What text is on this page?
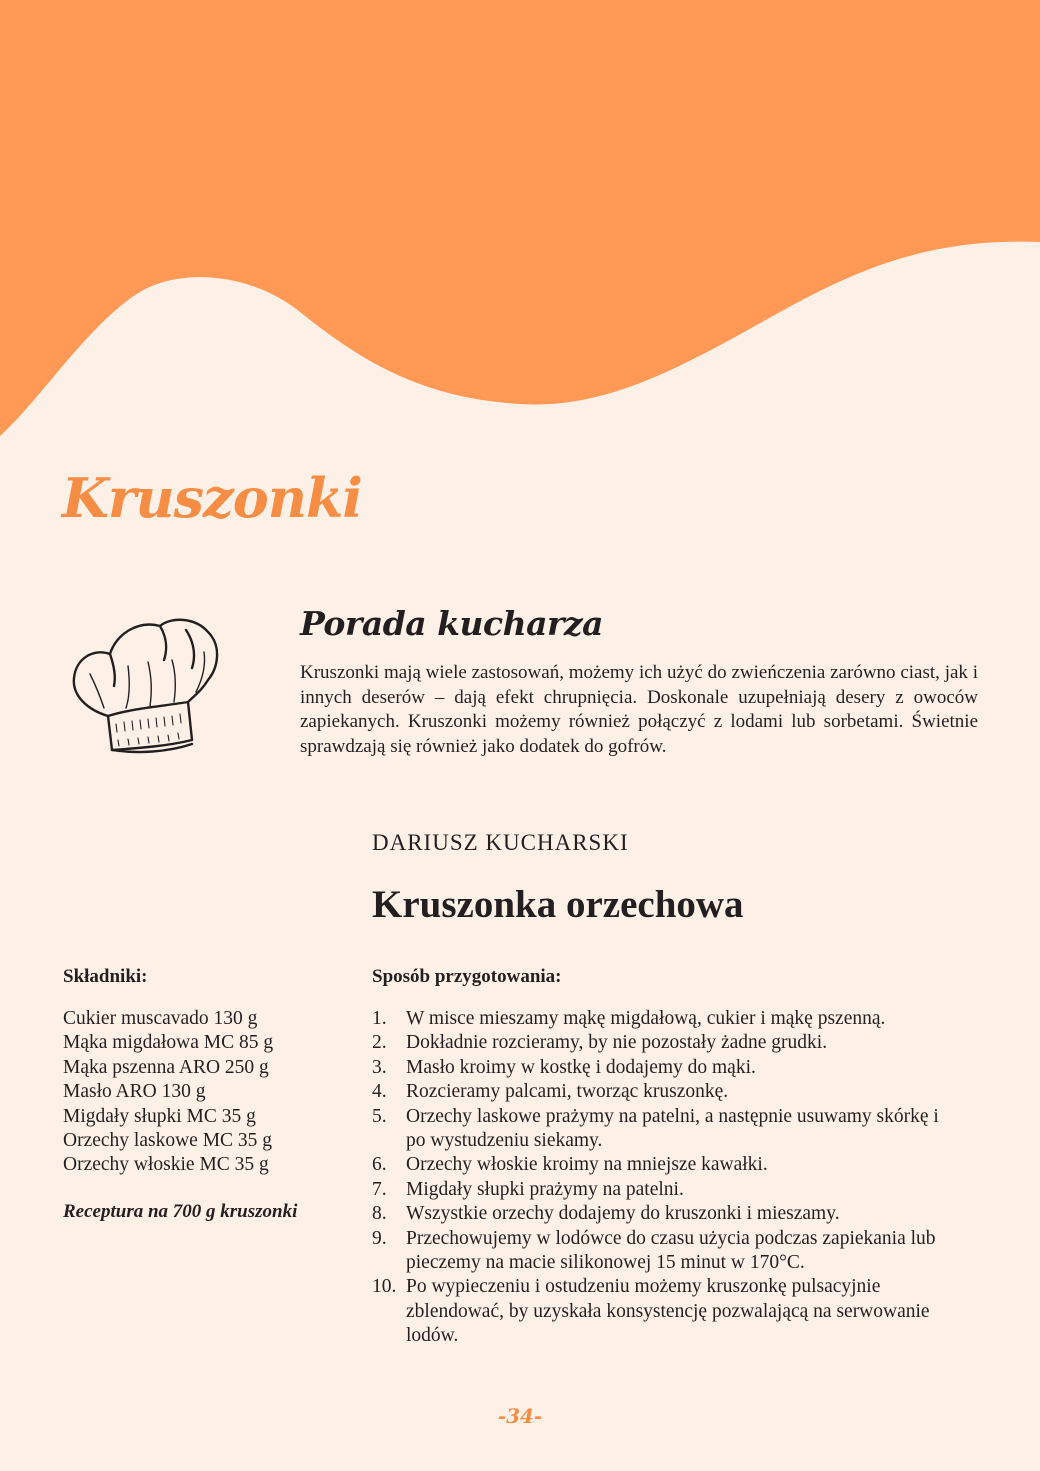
Kruszonki
Porada kucharza

Kruszonki mają wiele zastosowań, możemy ich użyć do zwieńczenia zarówno ciast, jak i innych deserów – dają efekt chrupnięcia. Doskonale uzupełniają desery z owoców zapiekanych. Kruszonki możemy również połączyć z lodami lub sorbetami. Świetnie sprawdzają się również jako dodatek do gofrów.

DARIUSZ KUCHARSKI

Kruszonka orzechowa

Składniki:

Cukier muscavado 130 g
Mąka migdałowa MC 85 g
Mąka pszenna ARO 250 g
Masło ARO 130 g
Migdały słupki MC 35 g
Orzechy laskowe MC 35 g
Orzechy włoskie MC 35 g

Receptura na 700 g kruszonki

Sposób przygotowania:

1. W misce mieszamy mąkę migdałową, cukier i mąkę pszenną.
2. Dokładnie rozcieramy, by nie pozostały żadne grudki.
3. Masło kroimy w kostkę i dodajemy do mąki.
4. Rozcieramy palcami, tworząc kruszonkę.
5. Orzechy laskowe prażymy na patelni, a następnie usuwamy skórkę i po wystudzeniu siekamy.
6. Orzechy włoskie kroimy na mniejsze kawałki.
7. Migdały słupki prażymy na patelni.
8. Wszystkie orzechy dodajemy do kruszonki i mieszamy.
9. Przechowujemy w lodówce do czasu użycia podczas zapiekania lub pieczemy na macie silikonowej 15 minut w 170°C.
10. Po wypieczeniu i ostudzeniu możemy kruszonkę pulsacyjnie zblendować, by uzyskała konsystencję pozwalającą na serwowanie lodów.

-34-
